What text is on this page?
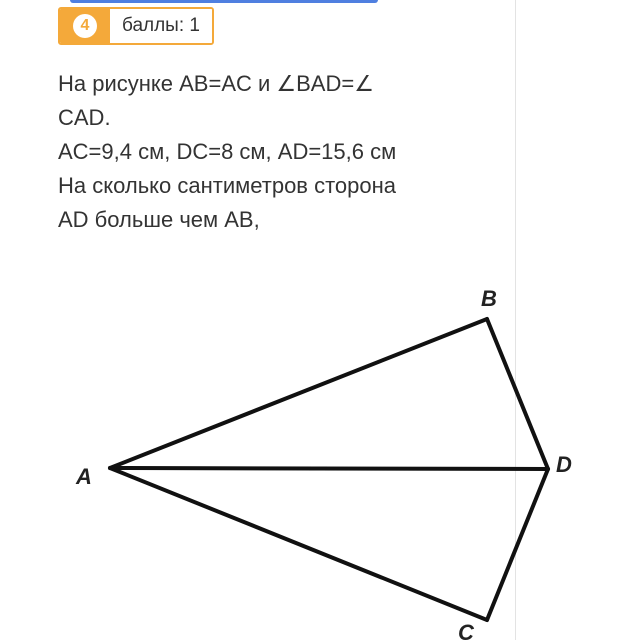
4	баллы: 1
На рисунке AB=AC и ∠BAD=∠
CAD.
AC=9,4 см, DC=8 см, AD=15,6 см
На сколько сантиметров сторона
AD больше чем AB,
A
B
D
C
